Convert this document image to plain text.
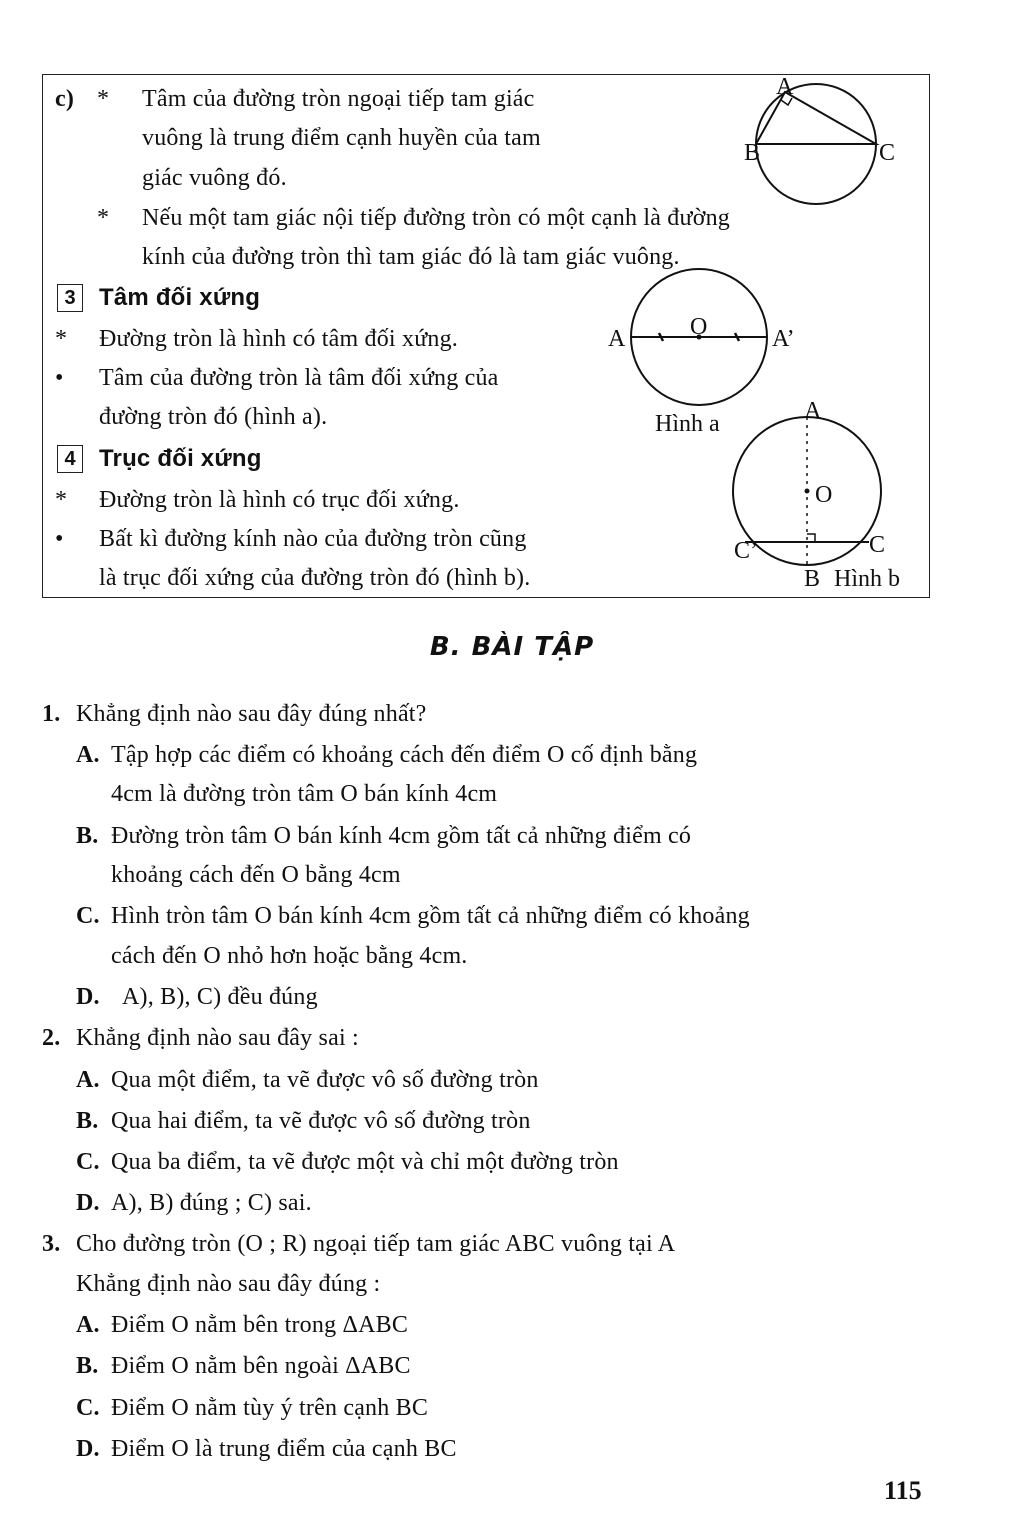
c) * Tâm của đường tròn ngoại tiếp tam giác
vuông là trung điểm cạnh huyền của tam
giác vuông đó.
* Nếu một tam giác nội tiếp đường tròn có một cạnh là đường
kính của đường tròn thì tam giác đó là tam giác vuông.
3 Tâm đối xứng
* Đường tròn là hình có tâm đối xứng.
• Tâm của đường tròn là tâm đối xứng của
đường tròn đó (hình a).
4 Trục đối xứng
* Đường tròn là hình có trục đối xứng.
• Bất kì đường kính nào của đường tròn cũng
là trục đối xứng của đường tròn đó (hình b).
A
B	C
A	O	A’
Hình a	A
O
C’	C
B Hình b
B. BÀI TẬP
1. Khẳng định nào sau đây đúng nhất?
A. Tập hợp các điểm có khoảng cách đến điểm O cố định bằng
4cm là đường tròn tâm O bán kính 4cm
B. Đường tròn tâm O bán kính 4cm gồm tất cả những điểm có
khoảng cách đến O bằng 4cm
C. Hình tròn tâm O bán kính 4cm gồm tất cả những điểm có khoảng
cách đến O nhỏ hơn hoặc bằng 4cm.
D. A), B), C) đều đúng
2. Khẳng định nào sau đây sai :
A. Qua một điểm, ta vẽ được vô số đường tròn
B. Qua hai điểm, ta vẽ được vô số đường tròn
C. Qua ba điểm, ta vẽ được một và chỉ một đường tròn
D. A), B) đúng ; C) sai.
3. Cho đường tròn (O ; R) ngoại tiếp tam giác ABC vuông tại A
Khẳng định nào sau đây đúng :
A. Điểm O nằm bên trong ΔABC
B. Điểm O nằm bên ngoài ΔABC
C. Điểm O nằm tùy ý trên cạnh BC
D. Điểm O là trung điểm của cạnh BC
115
